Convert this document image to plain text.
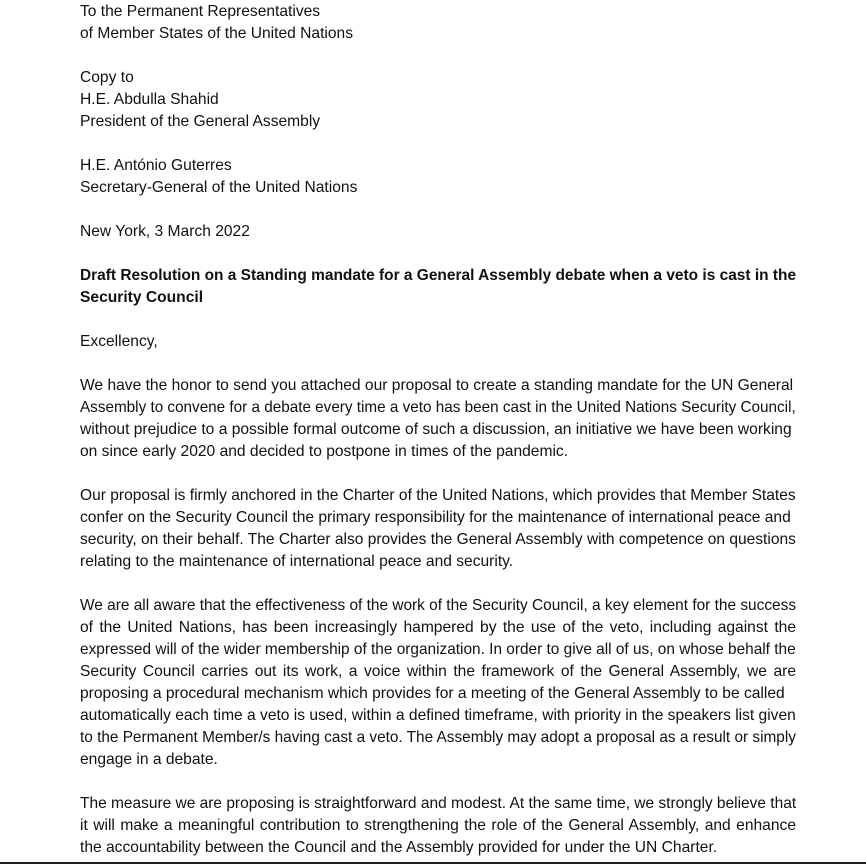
To the Permanent Representatives
of Member States of the United Nations
Copy to
H.E. Abdulla Shahid
President of the General Assembly
H.E. António Guterres
Secretary-General of the United Nations
New York, 3 March 2022
Draft Resolution on a Standing mandate for a General Assembly debate when a veto is cast in the
Security Council
Excellency,
We have the honor to send you attached our proposal to create a standing mandate for the UN General
Assembly to convene for a debate every time a veto has been cast in the United Nations Security Council,
without prejudice to a possible formal outcome of such a discussion, an initiative we have been working
on since early 2020 and decided to postpone in times of the pandemic.
Our proposal is firmly anchored in the Charter of the United Nations, which provides that Member States
confer on the Security Council the primary responsibility for the maintenance of international peace and
security, on their behalf. The Charter also provides the General Assembly with competence on questions
relating to the maintenance of international peace and security.
We are all aware that the effectiveness of the work of the Security Council, a key element for the success
of the United Nations, has been increasingly hampered by the use of the veto, including against the
expressed will of the wider membership of the organization. In order to give all of us, on whose behalf the
Security Council carries out its work, a voice within the framework of the General Assembly, we are
proposing a procedural mechanism which provides for a meeting of the General Assembly to be called
automatically each time a veto is used, within a defined timeframe, with priority in the speakers list given
to the Permanent Member/s having cast a veto. The Assembly may adopt a proposal as a result or simply
engage in a debate.
The measure we are proposing is straightforward and modest. At the same time, we strongly believe that
it will make a meaningful contribution to strengthening the role of the General Assembly, and enhance
the accountability between the Council and the Assembly provided for under the UN Charter.
